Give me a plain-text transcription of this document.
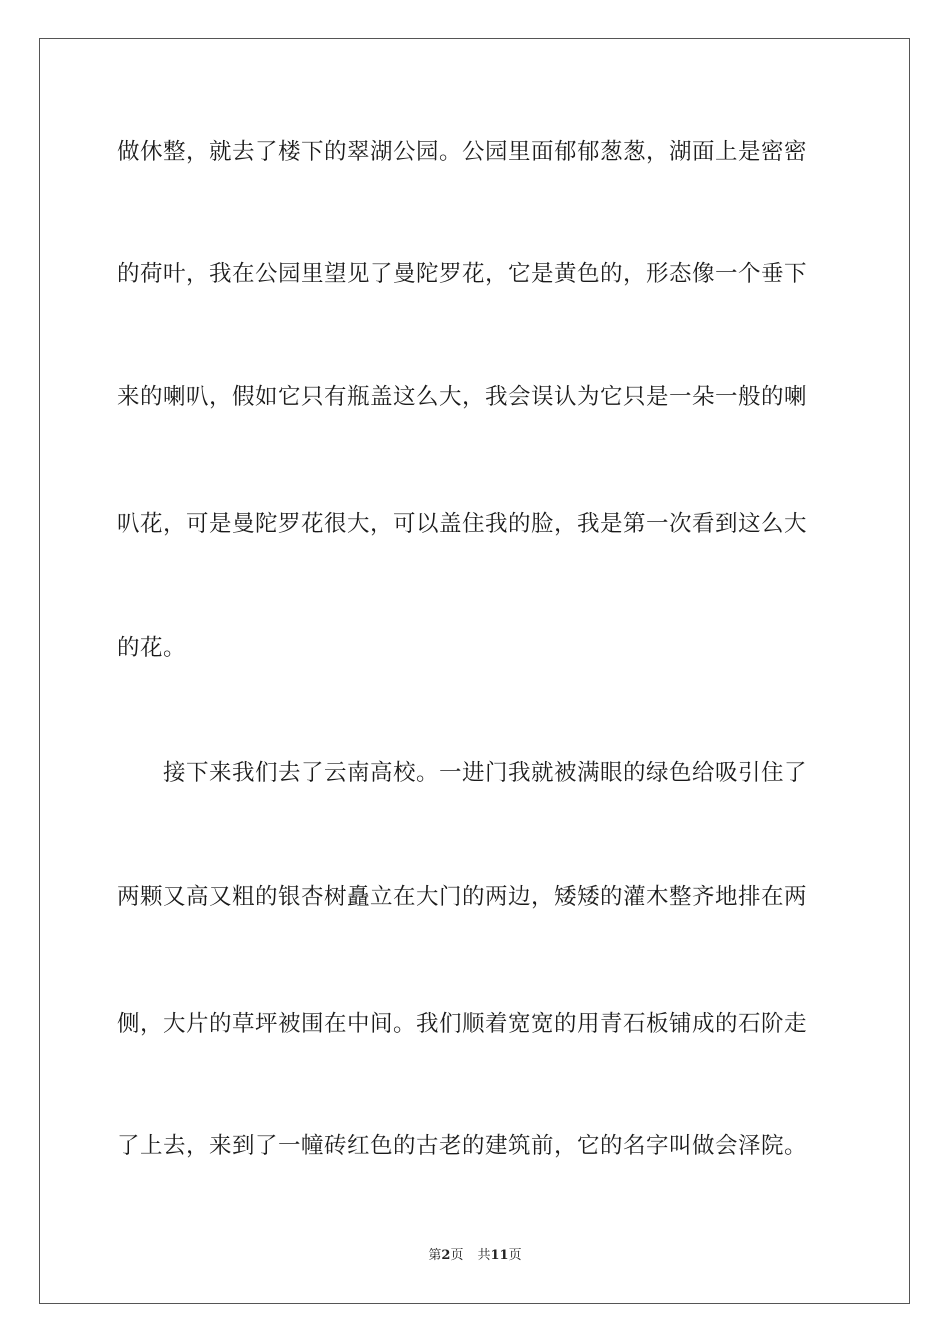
做休整，就去了楼下的翠湖公园。公园里面郁郁葱葱，湖面上是密密
的荷叶，我在公园里望见了曼陀罗花，它是黄色的，形态像一个垂下
来的喇叭，假如它只有瓶盖这么大，我会误认为它只是一朵一般的喇
叭花，可是曼陀罗花很大，可以盖住我的脸，我是第一次看到这么大
的花。
　　接下来我们去了云南高校。一进门我就被满眼的绿色给吸引住了
两颗又高又粗的银杏树矗立在大门的两边，矮矮的灌木整齐地排在两
侧，大片的草坪被围在中间。我们顺着宽宽的用青石板铺成的石阶走
了上去，来到了一幢砖红色的古老的建筑前，它的名字叫做会泽院。
第2页 共11页
